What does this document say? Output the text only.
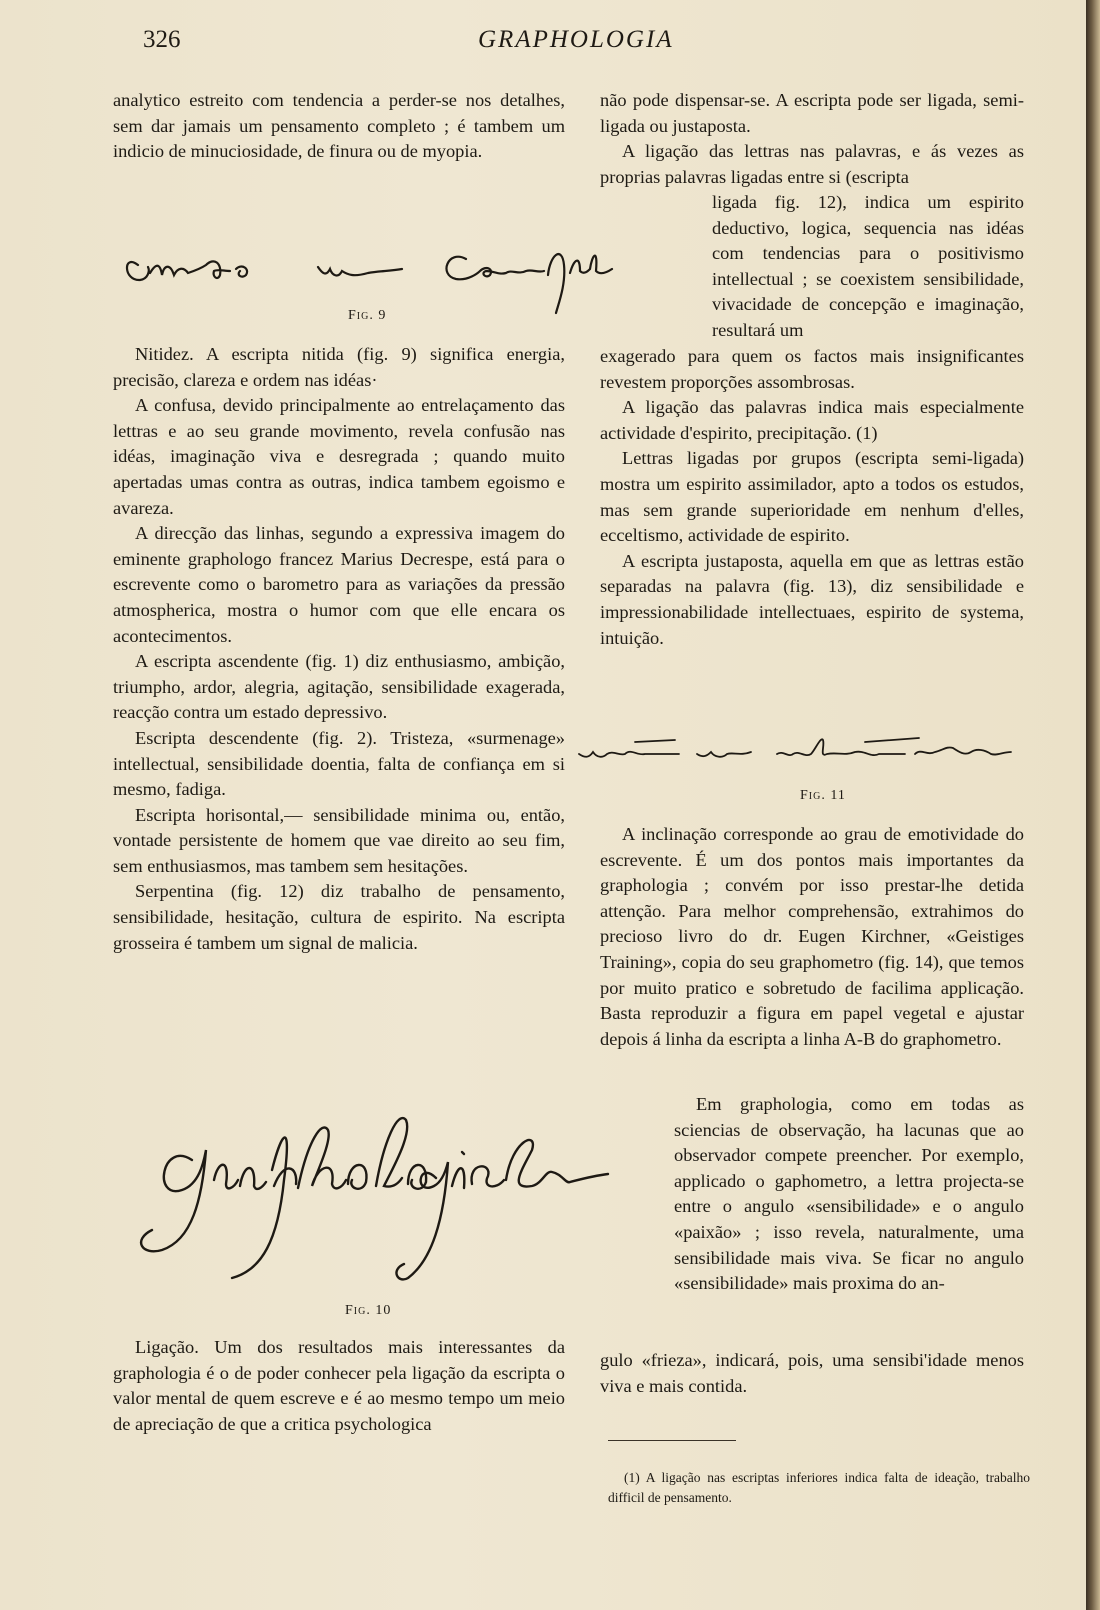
326	GRAPHOLOGIA

analytico estreito com tendencia a perder-se nos detalhes, sem dar jamais um pensamento completo ; é tambem um indicio de minuciosidade, de finura ou de myopia.

Fig. 9

Nitidez. A escripta nitida (fig. 9) significa energia, precisão, clareza e ordem nas idéas·

A confusa, devido principalmente ao entrelaçamento das lettras e ao seu grande movimento, revela confusão nas idéas, imaginação viva e desregrada ; quando muito apertadas umas contra as outras, indica tambem egoismo e avareza.

A direcção das linhas, segundo a expressiva imagem do eminente graphologo francez Marius Decrespe, está para o escrevente como o barometro para as variações da pressão atmospherica, mostra o humor com que elle encara os acontecimentos.

A escripta ascendente (fig. 1) diz enthusiasmo, ambição, triumpho, ardor, alegria, agitação, sensibilidade exagerada, reacção contra um estado depressivo.

Escripta descendente (fig. 2). Tristeza, «surmenage» intellectual, sensibilidade doentia, falta de confiança em si mesmo, fadiga.

Escripta horisontal,— sensibilidade minima ou, então, vontade persistente de homem que vae direito ao seu fim, sem enthusiasmos, mas tambem sem hesitações.

Serpentina (fig. 12) diz trabalho de pensamento, sensibilidade, hesitação, cultura de espirito. Na escripta grosseira é tambem um signal de malicia.

Fig. 10

Ligação. Um dos resultados mais interessantes da graphologia é o de poder conhecer pela ligação da escripta o valor mental de quem escreve e é ao mesmo tempo um meio de apreciação de que a critica psychologica

não pode dispensar-se. A escripta pode ser ligada, semi-ligada ou justaposta.

A ligação das lettras nas palavras, e ás vezes as proprias palavras ligadas entre si (escripta

ligada fig. 12), indica um espirito deductivo, logica, sequencia nas idéas com tendencias para o positivismo intellectual ; se coexistem sensibilidade, vivacidade de concepção e imaginação, resultará um

exagerado para quem os factos mais insignificantes revestem proporções assombrosas.

A ligação das palavras indica mais especialmente actividade d'espirito, precipitação. (1)

Lettras ligadas por grupos (escripta semi-ligada) mostra um espirito assimilador, apto a todos os estudos, mas sem grande superioridade em nenhum d'elles, ecceltismo, actividade de espirito.

A escripta justaposta, aquella em que as lettras estão separadas na palavra (fig. 13), diz sensibilidade e impressionabilidade intellectuaes, espirito de systema, intuição.

Fig. 11

A inclinação corresponde ao grau de emotividade do escrevente. É um dos pontos mais importantes da graphologia ; convém por isso prestar-lhe detida attenção. Para melhor comprehensão, extrahimos do precioso livro do dr. Eugen Kirchner, «Geistiges Training», copia do seu graphometro (fig. 14), que temos por muito pratico e sobretudo de facilima applicação. Basta reproduzir a figura em papel vegetal e ajustar depois á linha da escripta a linha A-B do graphometro.

Em graphologia, como em todas as sciencias de observação, ha lacunas que ao observador compete preencher. Por exemplo, applicado o gaphometro, a lettra projecta-se entre o angulo «sensibilidade» e o angulo «paixão» ; isso revela, naturalmente, uma sensibilidade mais viva. Se ficar no angulo «sensibilidade» mais proxima do an-

gulo «frieza», indicará, pois, uma sensibi'idade menos viva e mais contida.

(1) A ligação nas escriptas inferiores indica falta de ideação, trabalho difficil de pensamento.
